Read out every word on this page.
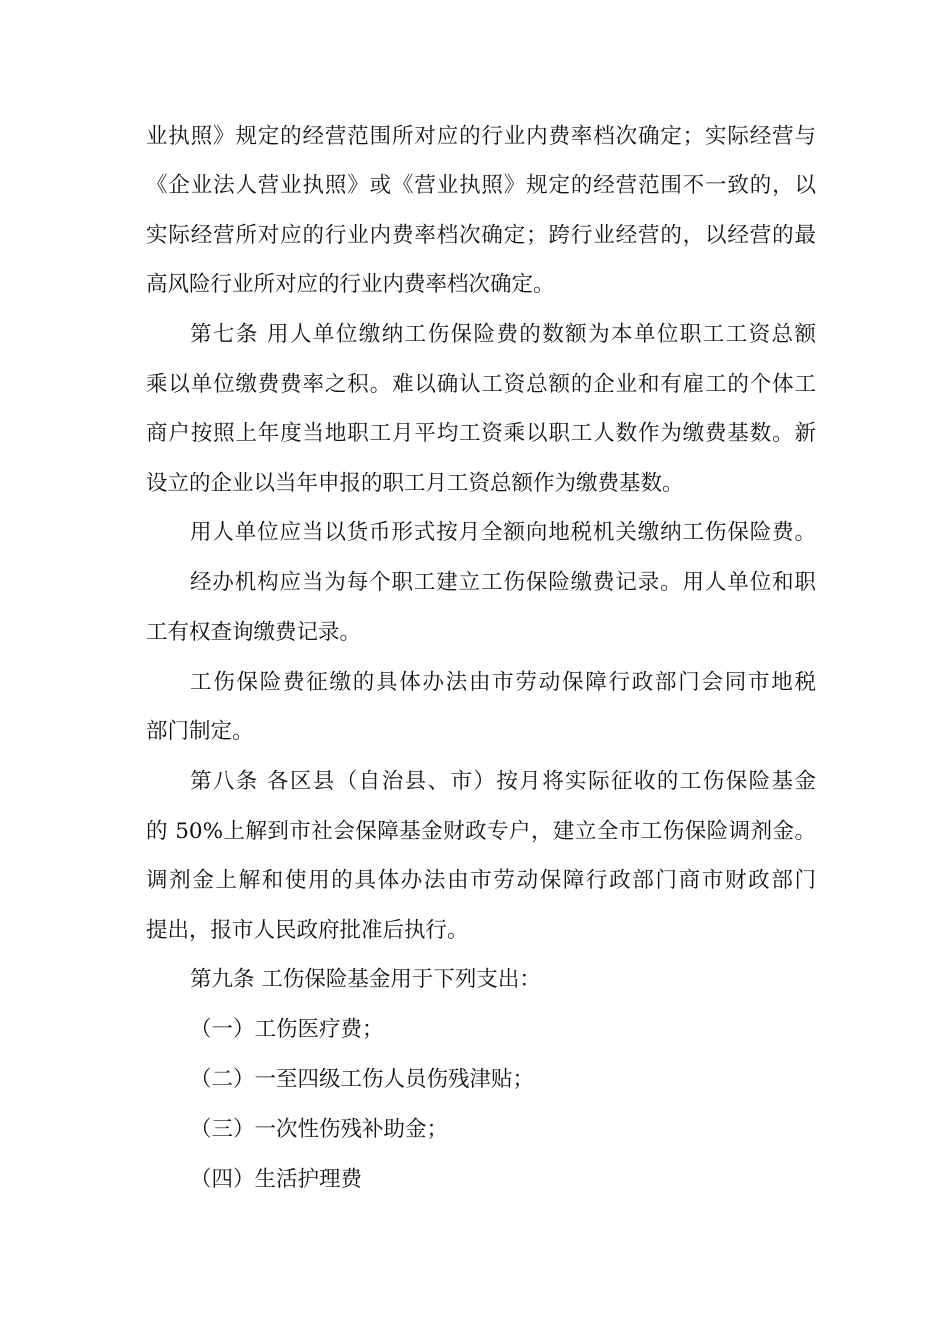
业执照》规定的经营范围所对应的行业内费率档次确定；实际经营与
《企业法人营业执照》或《营业执照》规定的经营范围不一致的，以
实际经营所对应的行业内费率档次确定；跨行业经营的，以经营的最
高风险行业所对应的行业内费率档次确定。
第七条 用人单位缴纳工伤保险费的数额为本单位职工工资总额
乘以单位缴费费率之积。难以确认工资总额的企业和有雇工的个体工
商户按照上年度当地职工月平均工资乘以职工人数作为缴费基数。新
设立的企业以当年申报的职工月工资总额作为缴费基数。
用人单位应当以货币形式按月全额向地税机关缴纳工伤保险费。
经办机构应当为每个职工建立工伤保险缴费记录。用人单位和职
工有权查询缴费记录。
工伤保险费征缴的具体办法由市劳动保障行政部门会同市地税
部门制定。
第八条 各区县（自治县、市）按月将实际征收的工伤保险基金
的 50%上解到市社会保障基金财政专户，建立全市工伤保险调剂金。
调剂金上解和使用的具体办法由市劳动保障行政部门商市财政部门
提出，报市人民政府批准后执行。
第九条 工伤保险基金用于下列支出：
（一）工伤医疗费；
（二）一至四级工伤人员伤残津贴；
（三）一次性伤残补助金；
（四）生活护理费
